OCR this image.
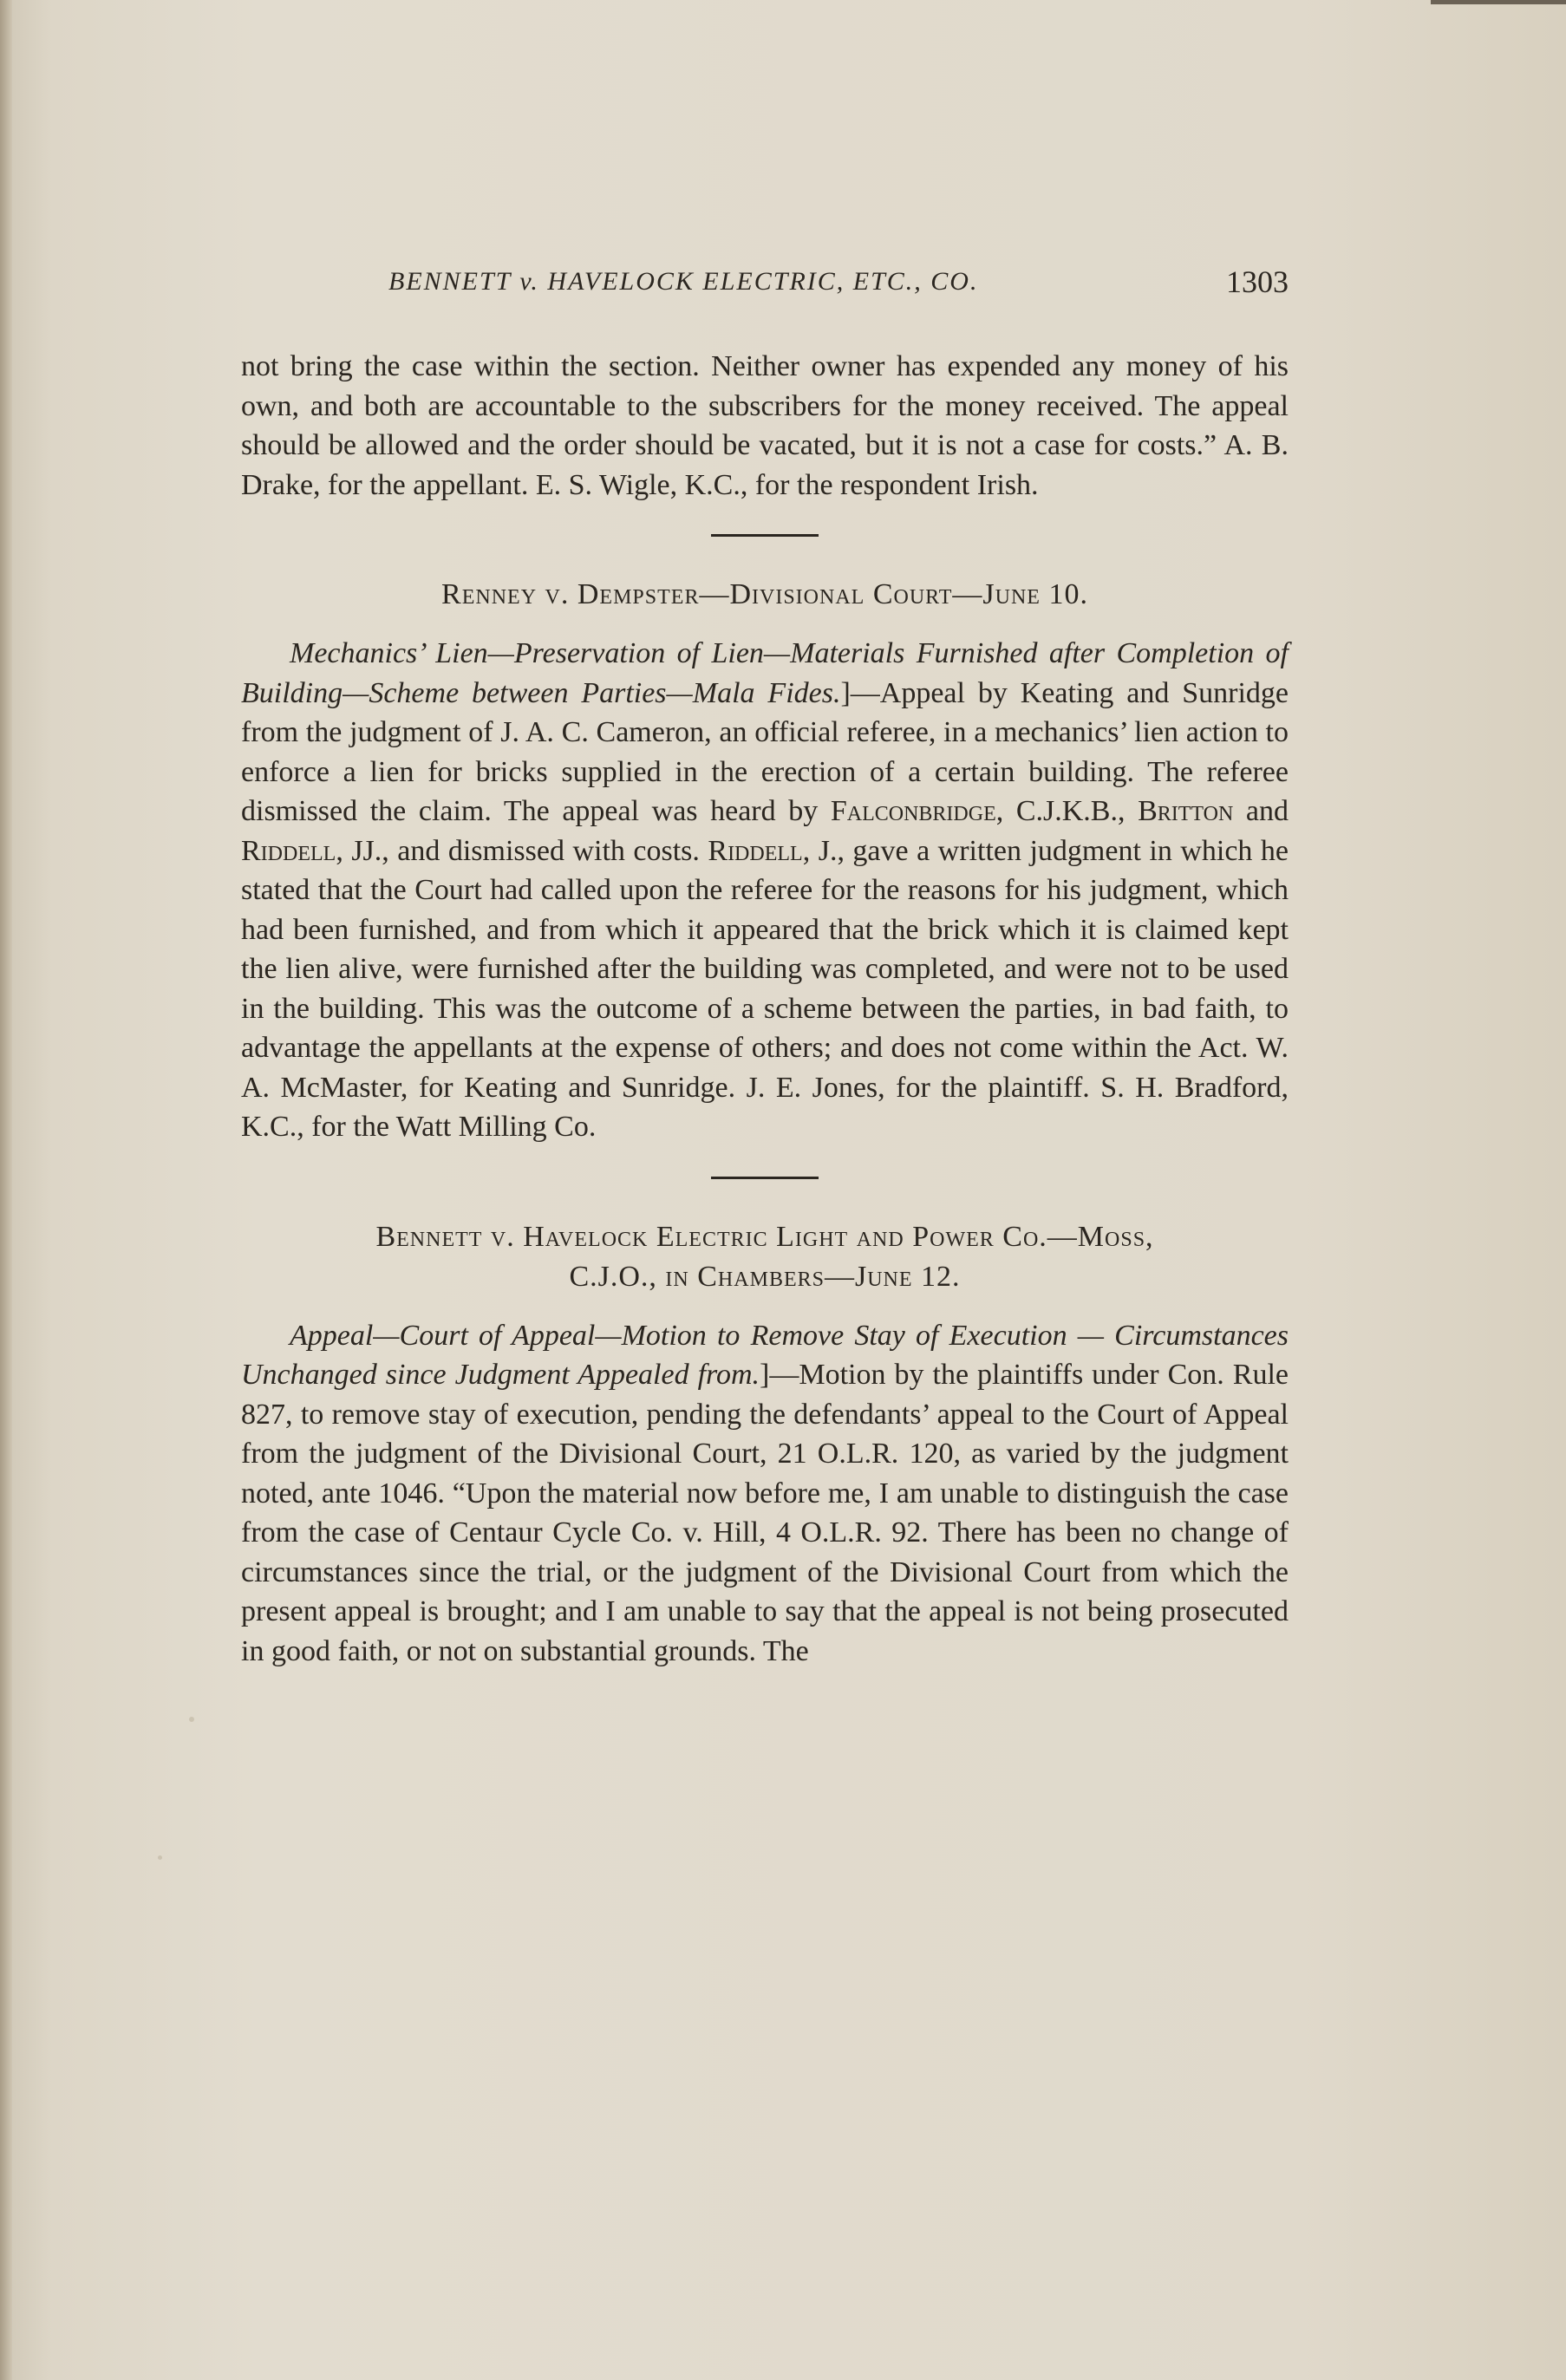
BENNETT v. HAVELOCK ELECTRIC, ETC., CO.	1303

not bring the case within the section. Neither owner has expended any money of his own, and both are accountable to the subscribers for the money received. The appeal should be allowed and the order should be vacated, but it is not a case for costs.” A. B. Drake, for the appellant. E. S. Wigle, K.C., for the respondent Irish.

Renney v. Dempster—Divisional Court—June 10.

Mechanics’ Lien—Preservation of Lien—Materials Furnished after Completion of Building—Scheme between Parties—Mala Fides.]—Appeal by Keating and Sunridge from the judgment of J. A. C. Cameron, an official referee, in a mechanics’ lien action to enforce a lien for bricks supplied in the erection of a certain building. The referee dismissed the claim. The appeal was heard by Falconbridge, C.J.K.B., Britton and Riddell, JJ., and dismissed with costs. Riddell, J., gave a written judgment in which he stated that the Court had called upon the referee for the reasons for his judgment, which had been furnished, and from which it appeared that the brick which it is claimed kept the lien alive, were furnished after the building was completed, and were not to be used in the building. This was the outcome of a scheme between the parties, in bad faith, to advantage the appellants at the expense of others; and does not come within the Act. W. A. McMaster, for Keating and Sunridge. J. E. Jones, for the plaintiff. S. H. Bradford, K.C., for the Watt Milling Co.

Bennett v. Havelock Electric Light and Power Co.—Moss,
C.J.O., in Chambers—June 12.

Appeal—Court of Appeal—Motion to Remove Stay of Execution — Circumstances Unchanged since Judgment Appealed from.]—Motion by the plaintiffs under Con. Rule 827, to remove stay of execution, pending the defendants’ appeal to the Court of Appeal from the judgment of the Divisional Court, 21 O.L.R. 120, as varied by the judgment noted, ante 1046. “Upon the material now before me, I am unable to distinguish the case from the case of Centaur Cycle Co. v. Hill, 4 O.L.R. 92. There has been no change of circumstances since the trial, or the judgment of the Divisional Court from which the present appeal is brought; and I am unable to say that the appeal is not being prosecuted in good faith, or not on substantial grounds. The
